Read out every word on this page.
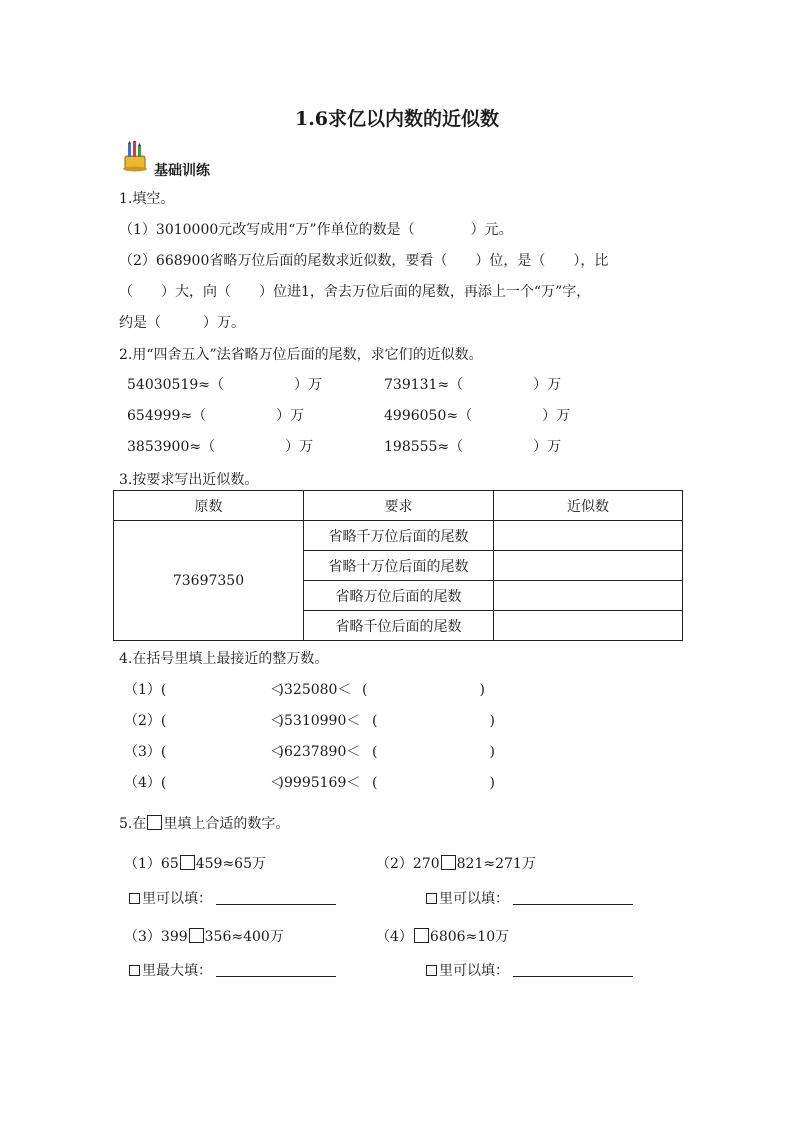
1.6求亿以内数的近似数
基础训练
1.填空。
（1）3010000元改写成用“万”作单位的数是（　　　　）元。
（2）668900省略万位后面的尾数求近似数，要看（　　）位，是（　　），比
（　　）大，向（　　）位进1，舍去万位后面的尾数，再添上一个“万”字，
约是（　　　）万。
2.用“四舍五入”法省略万位后面的尾数，求它们的近似数。
54030519≈（　　　　　）万	739131≈（　　　　　）万
654999≈（　　　　　）万	4996050≈（　　　　　）万
3853900≈（　　　　　）万	198555≈（　　　　　）万
3.按要求写出近似数。
原数	要求	近似数
73697350	省略千万位后面的尾数	
	省略十万位后面的尾数	
	省略万位后面的尾数	
	省略千位后面的尾数	
4.在括号里填上最接近的整万数。
（1）(　　　　　　　　)
＜325080＜ (　　　　　　　　)
（2）(　　　　　　　　)
＜5310990＜ (　　　　　　　　)
（3）(　　　　　　　　)
＜6237890＜ (　　　　　　　　)
（4）(　　　　　　　　)
＜9995169＜ (　　　　　　　　)
5.在 里填上合适的数字。
（1）65 459≈65万	（2）270 821≈271万
里可以填：	里可以填：
（3）399 356≈400万	（4） 6806≈10万
里最大填：	里可以填：
